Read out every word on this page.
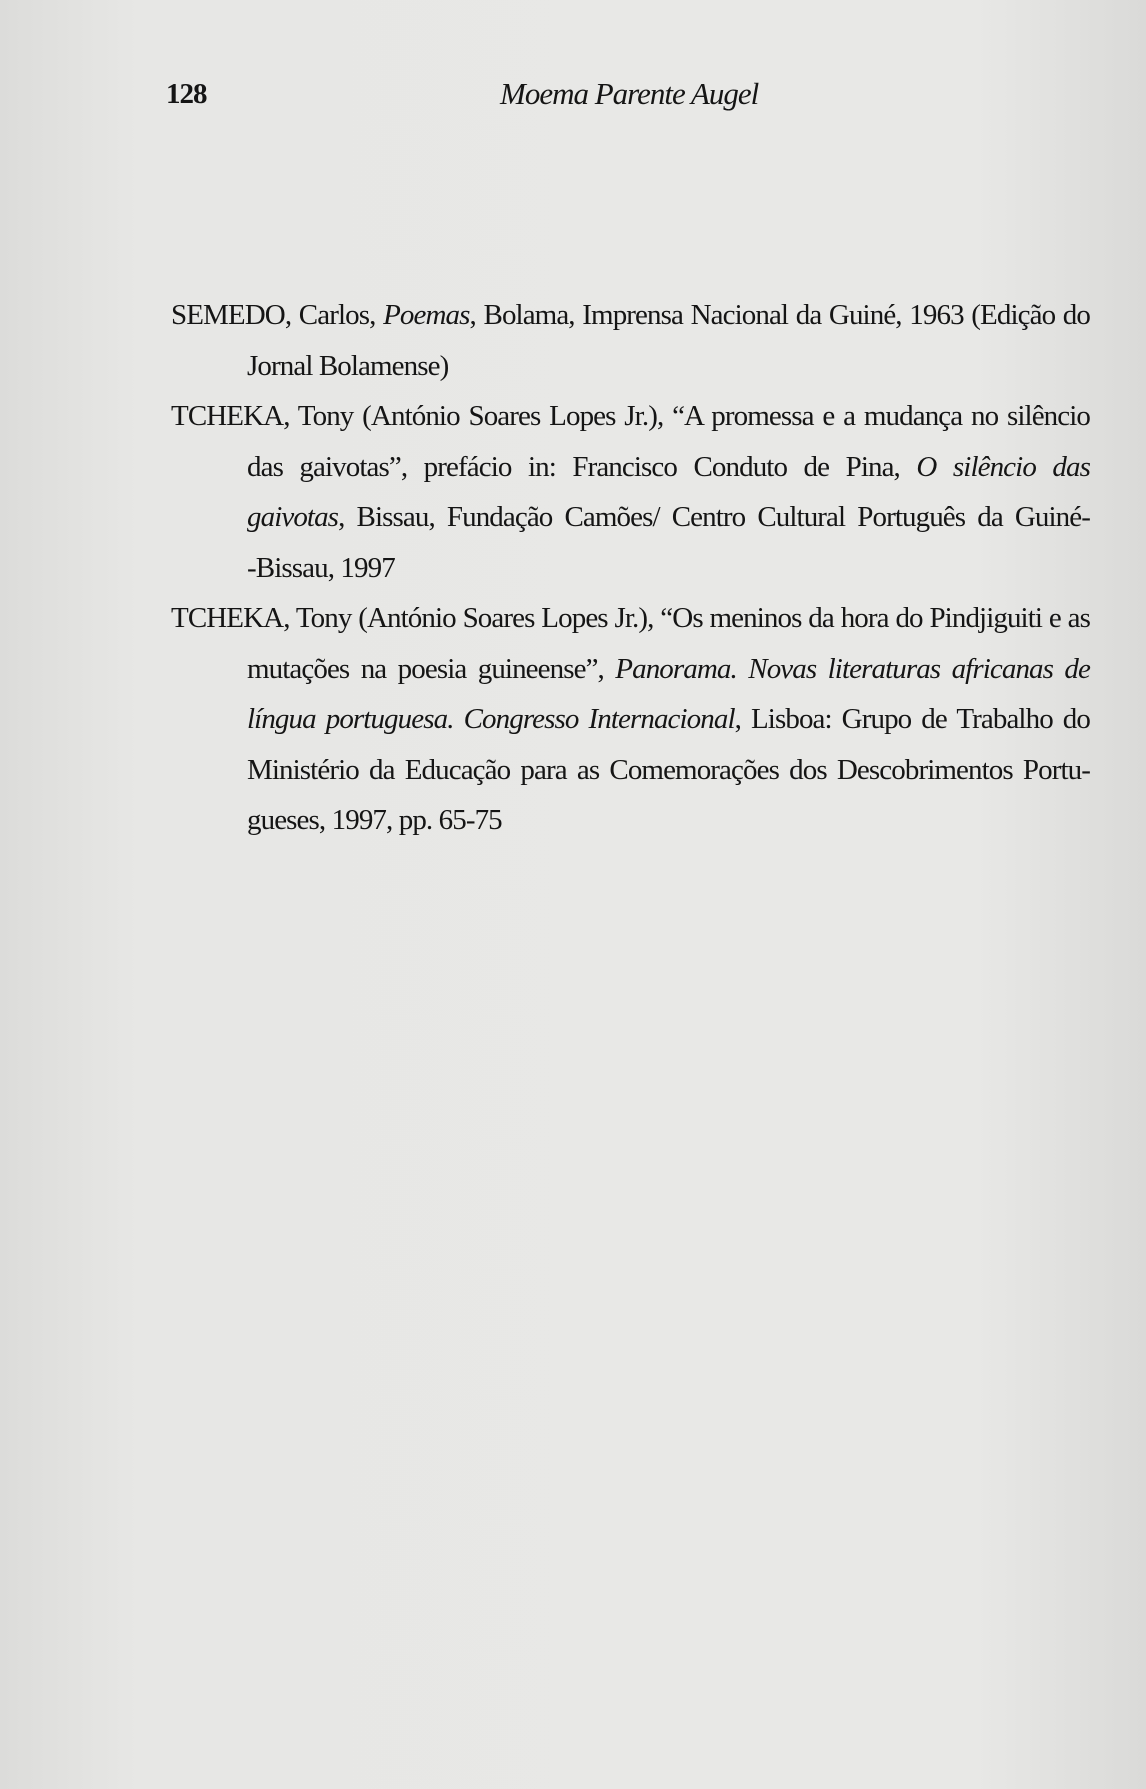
128	Moema Parente Augel
SEMEDO, Carlos, Poemas, Bolama, Imprensa Nacional da Guiné, 1963 (Edição do
Jornal Bolamense)
TCHEKA, Tony (António Soares Lopes Jr.), “A promessa e a mudança no silêncio
das gaivotas”, prefácio in: Francisco Conduto de Pina, O silêncio das
gaivotas, Bissau, Fundação Camões/ Centro Cultural Português da Guiné-
-Bissau, 1997
TCHEKA, Tony (António Soares Lopes Jr.), “Os meninos da hora do Pindjiguiti e as
mutações na poesia guineense”, Panorama. Novas literaturas africanas de
língua portuguesa. Congresso Internacional, Lisboa: Grupo de Trabalho do
Ministério da Educação para as Comemorações dos Descobrimentos Portu-
gueses, 1997, pp. 65-75
